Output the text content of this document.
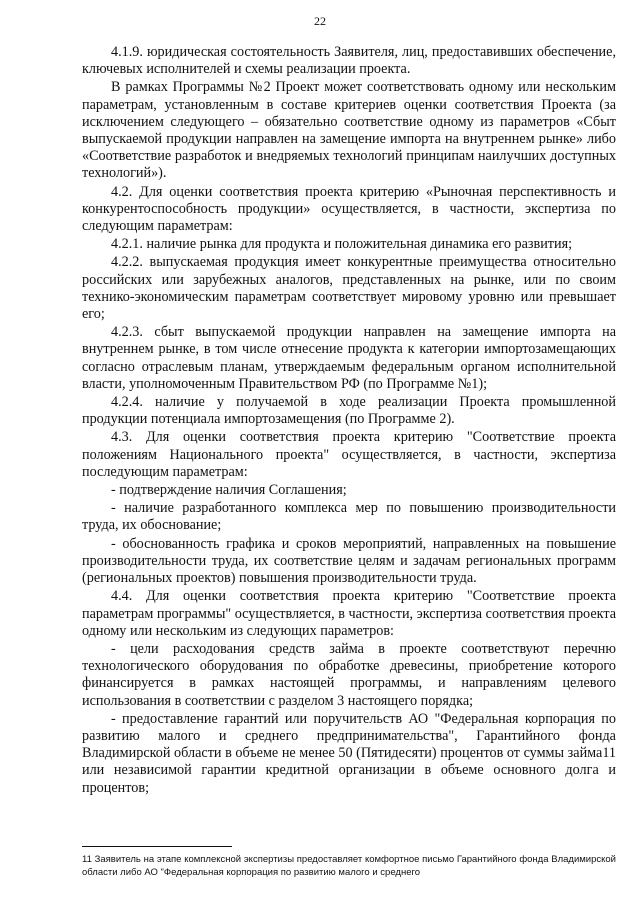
22

4.1.9. юридическая состоятельность Заявителя, лиц, предоставивших обеспечение, ключевых исполнителей и схемы реализации проекта.

В рамках Программы №2 Проект может соответствовать одному или нескольким параметрам, установленным в составе критериев оценки соответствия Проекта (за исключением следующего – обязательно соответствие одному из параметров «Сбыт выпускаемой продукции направлен на замещение импорта на внутреннем рынке» либо «Соответствие разработок и внедряемых технологий принципам наилучших доступных технологий»).

4.2. Для оценки соответствия проекта критерию «Рыночная перспективность и конкурентоспособность продукции» осуществляется, в частности, экспертиза по следующим параметрам:

4.2.1. наличие рынка для продукта и положительная динамика его развития;

4.2.2. выпускаемая продукция имеет конкурентные преимущества относительно российских или зарубежных аналогов, представленных на рынке, или по своим технико-экономическим параметрам соответствует мировому уровню или превышает его;

4.2.3. сбыт выпускаемой продукции направлен на замещение импорта на внутреннем рынке, в том числе отнесение продукта к категории импортозамещающих согласно отраслевым планам, утверждаемым федеральным органом исполнительной власти, уполномоченным Правительством РФ (по Программе №1);

4.2.4. наличие у получаемой в ходе реализации Проекта промышленной продукции потенциала импортозамещения (по Программе 2).

4.3. Для оценки соответствия проекта критерию "Соответствие проекта положениям Национального проекта" осуществляется, в частности, экспертиза последующим параметрам:

- подтверждение наличия Соглашения;

- наличие разработанного комплекса мер по повышению производительности труда, их обоснование;

- обоснованность графика и сроков мероприятий, направленных на повышение производительности труда, их соответствие целям и задачам региональных программ (региональных проектов) повышения производительности труда.

4.4. Для оценки соответствия проекта критерию "Соответствие проекта параметрам программы" осуществляется, в частности, экспертиза соответствия проекта одному или нескольким из следующих параметров:

- цели расходования средств займа в проекте соответствуют перечню технологического оборудования по обработке древесины, приобретение которого финансируется в рамках настоящей программы, и направлениям целевого использования в соответствии с разделом 3 настоящего порядка;

- предоставление гарантий или поручительств АО "Федеральная корпорация по развитию малого и среднего предпринимательства", Гарантийного фонда Владимирской области в объеме не менее 50 (Пятидесяти) процентов от суммы займа11 или независимой гарантии кредитной организации в объеме основного долга и процентов;

11 Заявитель на этапе комплексной экспертизы предоставляет комфортное письмо Гарантийного фонда Владимирской области либо АО "Федеральная корпорация по развитию малого и среднего
